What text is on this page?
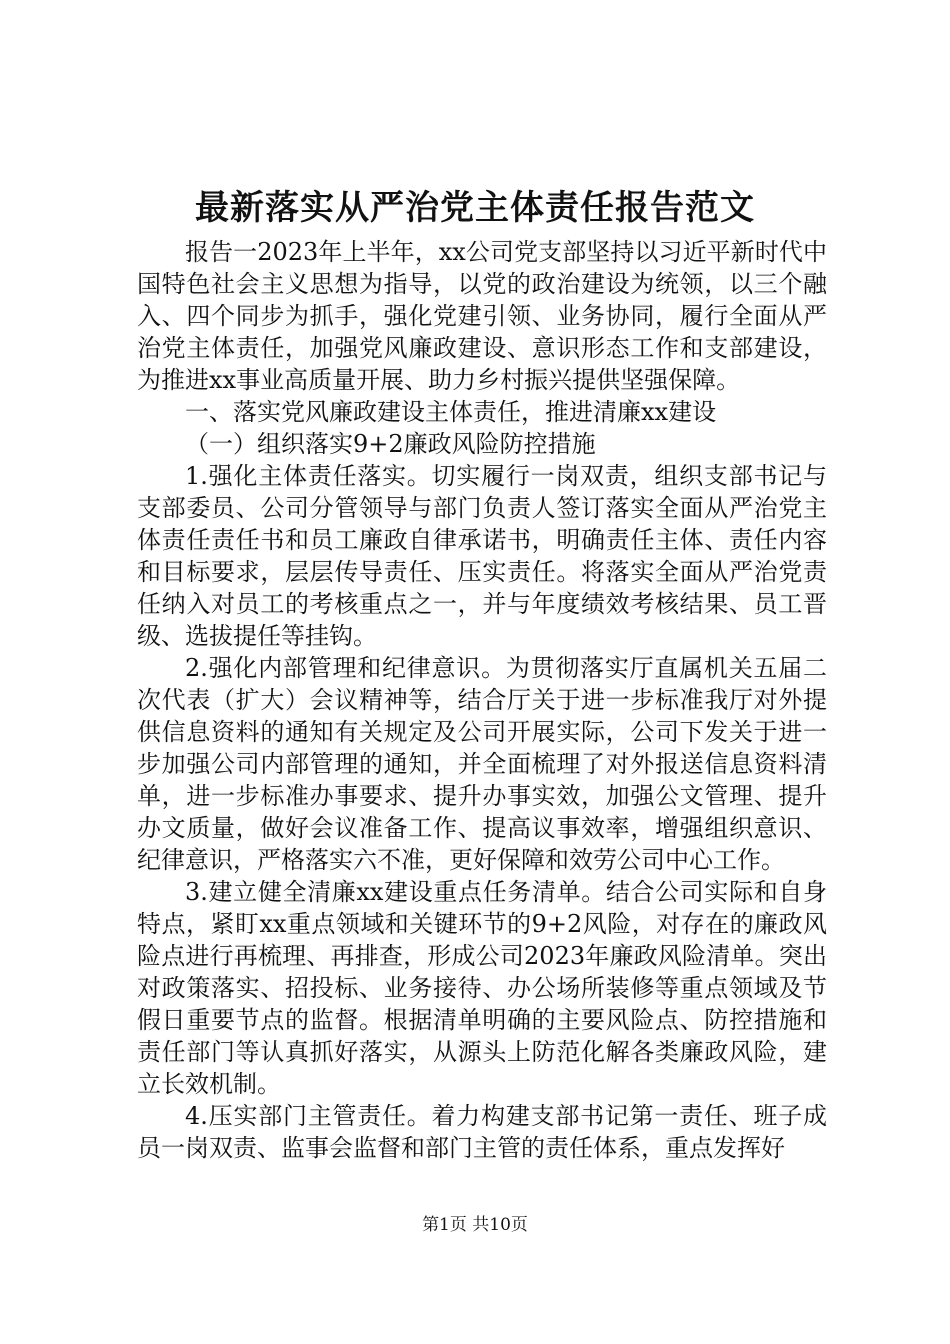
最新落实从严治党主体责任报告范文

报告一2023年上半年，xx公司党支部坚持以习近平新时代中国特色社会主义思想为指导，以党的政治建设为统领，以三个融入、四个同步为抓手，强化党建引领、业务协同，履行全面从严治党主体责任，加强党风廉政建设、意识形态工作和支部建设，为推进xx事业高质量开展、助力乡村振兴提供坚强保障。

一、落实党风廉政建设主体责任，推进清廉xx建设

（一）组织落实9+2廉政风险防控措施

1.强化主体责任落实。切实履行一岗双责，组织支部书记与支部委员、公司分管领导与部门负责人签订落实全面从严治党主体责任责任书和员工廉政自律承诺书，明确责任主体、责任内容和目标要求，层层传导责任、压实责任。将落实全面从严治党责任纳入对员工的考核重点之一，并与年度绩效考核结果、员工晋级、选拔提任等挂钩。

2.强化内部管理和纪律意识。为贯彻落实厅直属机关五届二次代表（扩大）会议精神等，结合厅关于进一步标准我厅对外提供信息资料的通知有关规定及公司开展实际，公司下发关于进一步加强公司内部管理的通知，并全面梳理了对外报送信息资料清单，进一步标准办事要求、提升办事实效，加强公文管理、提升办文质量，做好会议准备工作、提高议事效率，增强组织意识、纪律意识，严格落实六不准，更好保障和效劳公司中心工作。

3.建立健全清廉xx建设重点任务清单。结合公司实际和自身特点，紧盯xx重点领域和关键环节的9+2风险，对存在的廉政风险点进行再梳理、再排查，形成公司2023年廉政风险清单。突出对政策落实、招投标、业务接待、办公场所装修等重点领域及节假日重要节点的监督。根据清单明确的主要风险点、防控措施和责任部门等认真抓好落实，从源头上防范化解各类廉政风险，建立长效机制。

4.压实部门主管责任。着力构建支部书记第一责任、班子成员一岗双责、监事会监督和部门主管的责任体系，重点发挥好

第1页 共10页
